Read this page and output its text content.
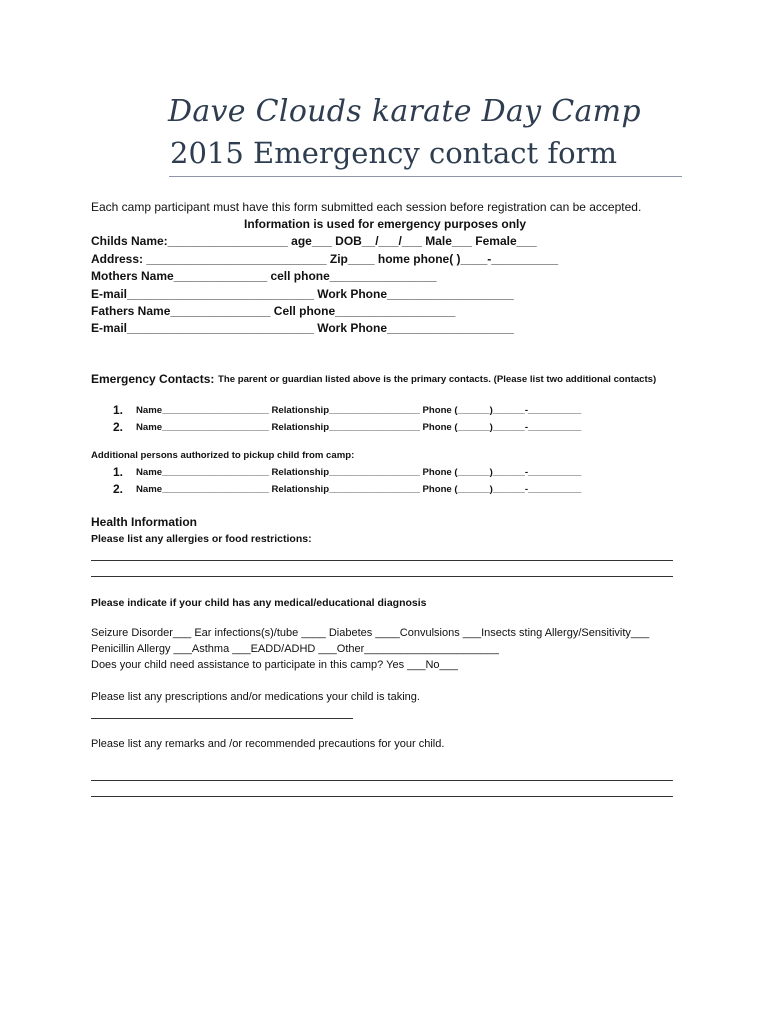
Dave Clouds karate Day Camp
2015 Emergency contact form
Each camp participant must have this form submitted each session before registration can be accepted.
Information is used for emergency purposes only
Childs Name:__________________ age___ DOB__/___/___ Male___ Female___
Address: ___________________________ Zip____ home phone( )____-__________
Mothers Name______________ cell phone________________
E-mail____________________________ Work Phone___________________
Fathers Name_______________ Cell phone__________________
E-mail____________________________ Work Phone___________________
Emergency Contacts: The parent or guardian listed above is the primary contacts. (Please list two additional contacts)
1. Name____________________ Relationship_________________ Phone (______)______-__________
2. Name____________________ Relationship_________________ Phone (______)______-__________
Additional persons authorized to pickup child from camp:
1. Name____________________ Relationship_________________ Phone (______)______-__________
2. Name____________________ Relationship_________________ Phone (______)______-__________
Health Information
Please list any allergies or food restrictions:
Please indicate if your child has any medical/educational diagnosis
Seizure Disorder___ Ear infections(s)/tube ____ Diabetes ____Convulsions ___Insects sting Allergy/Sensitivity___
Penicillin Allergy ___Asthma ___EADD/ADHD ___Other______________________
Does your child need assistance to participate in this camp? Yes ___No___
Please list any prescriptions and/or medications your child is taking.
Please list any remarks and /or recommended precautions for your child.
